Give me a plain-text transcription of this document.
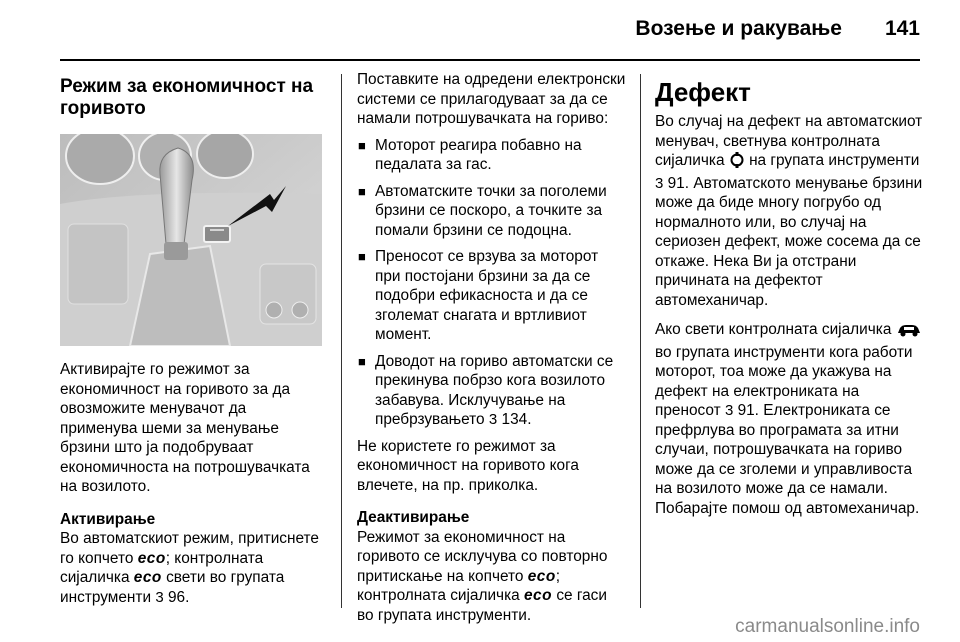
Возење и ракување 141
Режим за економичност на горивото

Активирајте го режимот за економичност на горивото за да овозможите менувачот да применува шеми за менување брзини што ја подобруваат економичноста на потрошувачката на возилото.

Активирање

Во автоматскиот режим, притиснете го копчето eco; контролната сијаличка eco свети во групата инструменти 3 96.

Поставките на одредени електронски системи се прилагодуваат за да се намали потрошувачката на гориво:

■ Моторот реагира побавно на педалата за гас.
■ Автоматските точки за поголеми брзини се поскоро, а точките за помали брзини се подоцна.
■ Преносот се врзува за моторот при постојани брзини за да се подобри ефикасноста и да се зголемат снагата и вртливиот момент.
■ Доводот на гориво автоматски се прекинува побрзо кога возилото забавува. Исклучување на пребрзувањето 3 134.

Не користете го режимот за економичност на горивото кога влечете, на пр. приколка.

Деактивирање

Режимот за економичност на горивото се исклучува со повторно притискање на копчето eco; контролната сијаличка eco се гаси во групата инструменти.

Дефект

Во случај на дефект на автоматскиот менувач, светнува контролната сијаличка на групата инструменти 3 91. Автоматското менување брзини може да биде многу погрубо од нормалното или, во случај на сериозен дефект, може сосема да се откаже. Нека Ви ја отстрани причината на дефектот автомеханичар.

Ако свети контролната сијаличка  во групата инструменти кога работи моторот, тоа може да укажува на дефект на електрониката на преносот 3 91. Електрониката се префрлува во програмата за итни случаи, потрошувачката на гориво може да се зголеми и управливоста на возилото може да се намали. Побарајте помош од автомеханичар.

carmanualsonline.info
